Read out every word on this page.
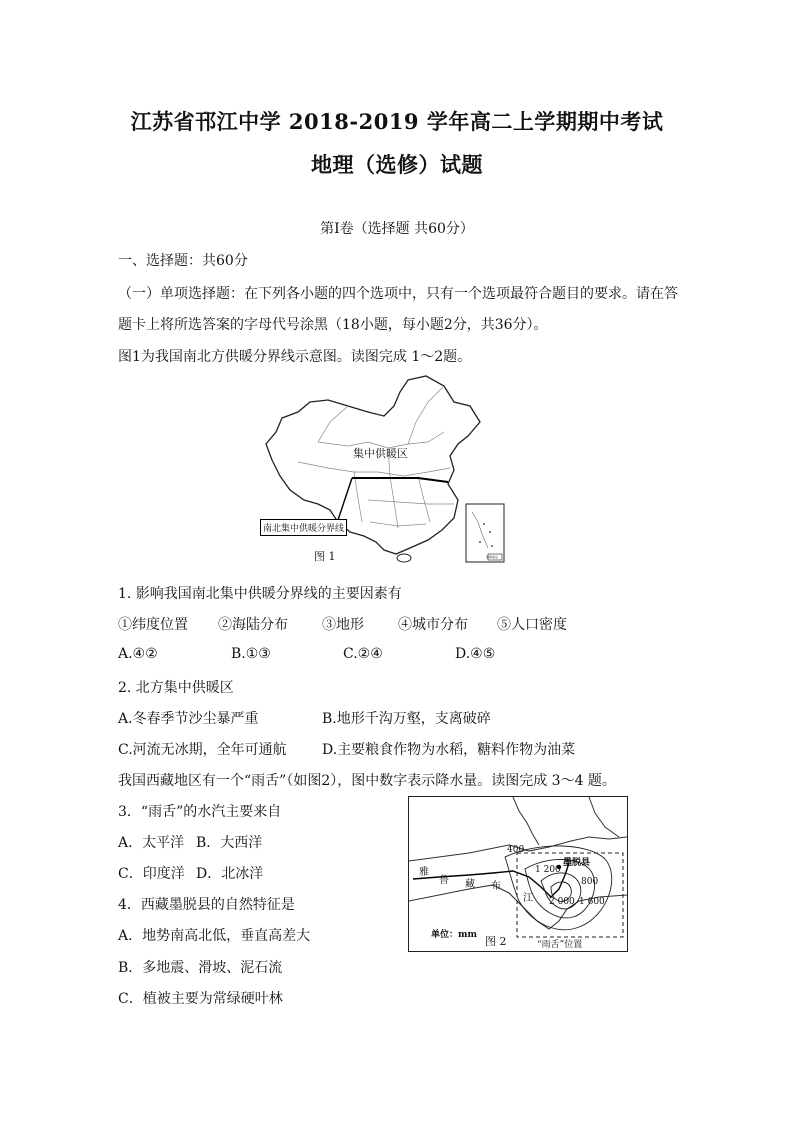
江苏省邗江中学 2018-2019 学年高二上学期期中考试
地理（选修）试题
第Ⅰ卷（选择题 共60分）
一、选择题：共60分
（一）单项选择题：在下列各小题的四个选项中，只有一个选项最符合题目的要求。请在答
题卡上将所选答案的字母代号涂黑（18小题，每小题2分，共36分）。
图1为我国南北方供暖分界线示意图。读图完成 1～2题。
集中供暖区
南北集中供暖分界线
图 1	南海诸岛
1. 影响我国南北集中供暖分界线的主要因素有
①纬度位置 ②海陆分布 ③地形 ④城市分布 ⑤人口密度
A.④②	B.①③	C.②④	D.④⑤
2. 北方集中供暖区
A.冬春季节沙尘暴严重	B.地形千沟万壑，支离破碎
C.河流无冰期，全年可通航	D.主要粮食作物为水稻，糖料作物为油菜
我国西藏地区有一个“雨舌”（如图2），图中数字表示降水量。读图完成 3～4 题。
3．“雨舌”的水汽主要来自
A．太平洋 B．大西洋
C．印度洋 D．北冰洋
4．西藏墨脱县的自然特征是
A．地势南高北低，垂直高差大
B．多地震、滑坡、泥石流
C．植被主要为常绿硬叶林
雅
鲁 藏 布
江
墨脱县
400
1 200
800
2 000 1 600
单位：mm 图 2	“雨舌”位置
